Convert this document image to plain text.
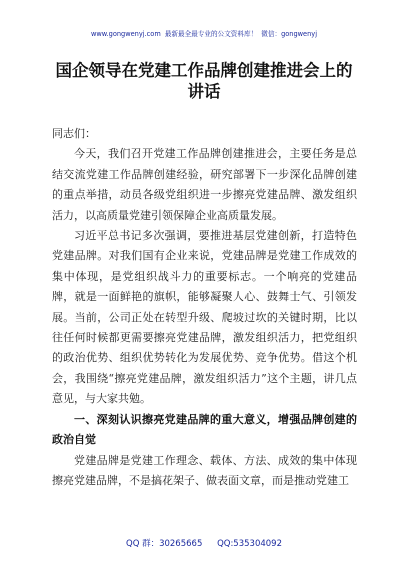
www.gongwenyj.com 最新最全最专业的公文资料库！ 微信：gongwenyj
国企领导在党建工作品牌创建推进会上的讲话

同志们：

今天，我们召开党建工作品牌创建推进会，主要任务是总结交流党建工作品牌创建经验，研究部署下一步深化品牌创建的重点举措，动员各级党组织进一步擦亮党建品牌、激发组织活力，以高质量党建引领保障企业高质量发展。

习近平总书记多次强调，要推进基层党建创新，打造特色党建品牌。对我们国有企业来说，党建品牌是党建工作成效的集中体现，是党组织战斗力的重要标志。一个响亮的党建品牌，就是一面鲜艳的旗帜，能够凝聚人心、鼓舞士气、引领发展。当前，公司正处在转型升级、爬坡过坎的关键时期，比以往任何时候都更需要擦亮党建品牌，激发组织活力，把党组织的政治优势、组织优势转化为发展优势、竞争优势。借这个机会，我围绕“擦亮党建品牌，激发组织活力”这个主题，讲几点意见，与大家共勉。

一、深刻认识擦亮党建品牌的重大意义，增强品牌创建的政治自觉

党建品牌是党建工作理念、载体、方法、成效的集中体现擦亮党建品牌，不是搞花架子、做表面文章，而是推动党建工

QQ 群：30265665 QQ:535304092
